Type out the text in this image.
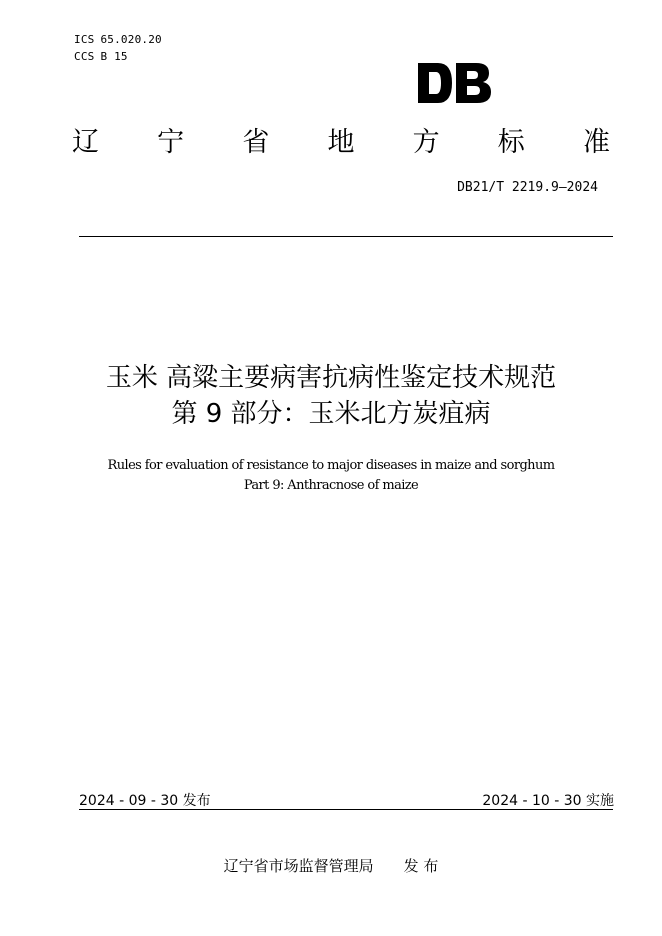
ICS 65.020.20
CCS B 15
辽 宁 省 地 方 标 准
DB21/T 2219.9—2024
玉米 高粱主要病害抗病性鉴定技术规范
第 9 部分：玉米北方炭疽病
Rules for evaluation of resistance to major diseases in maize and sorghum
Part 9: Anthracnose of maize
2024 - 09 - 30 发布	2024 - 10 - 30 实施
辽宁省市场监督管理局 发 布
